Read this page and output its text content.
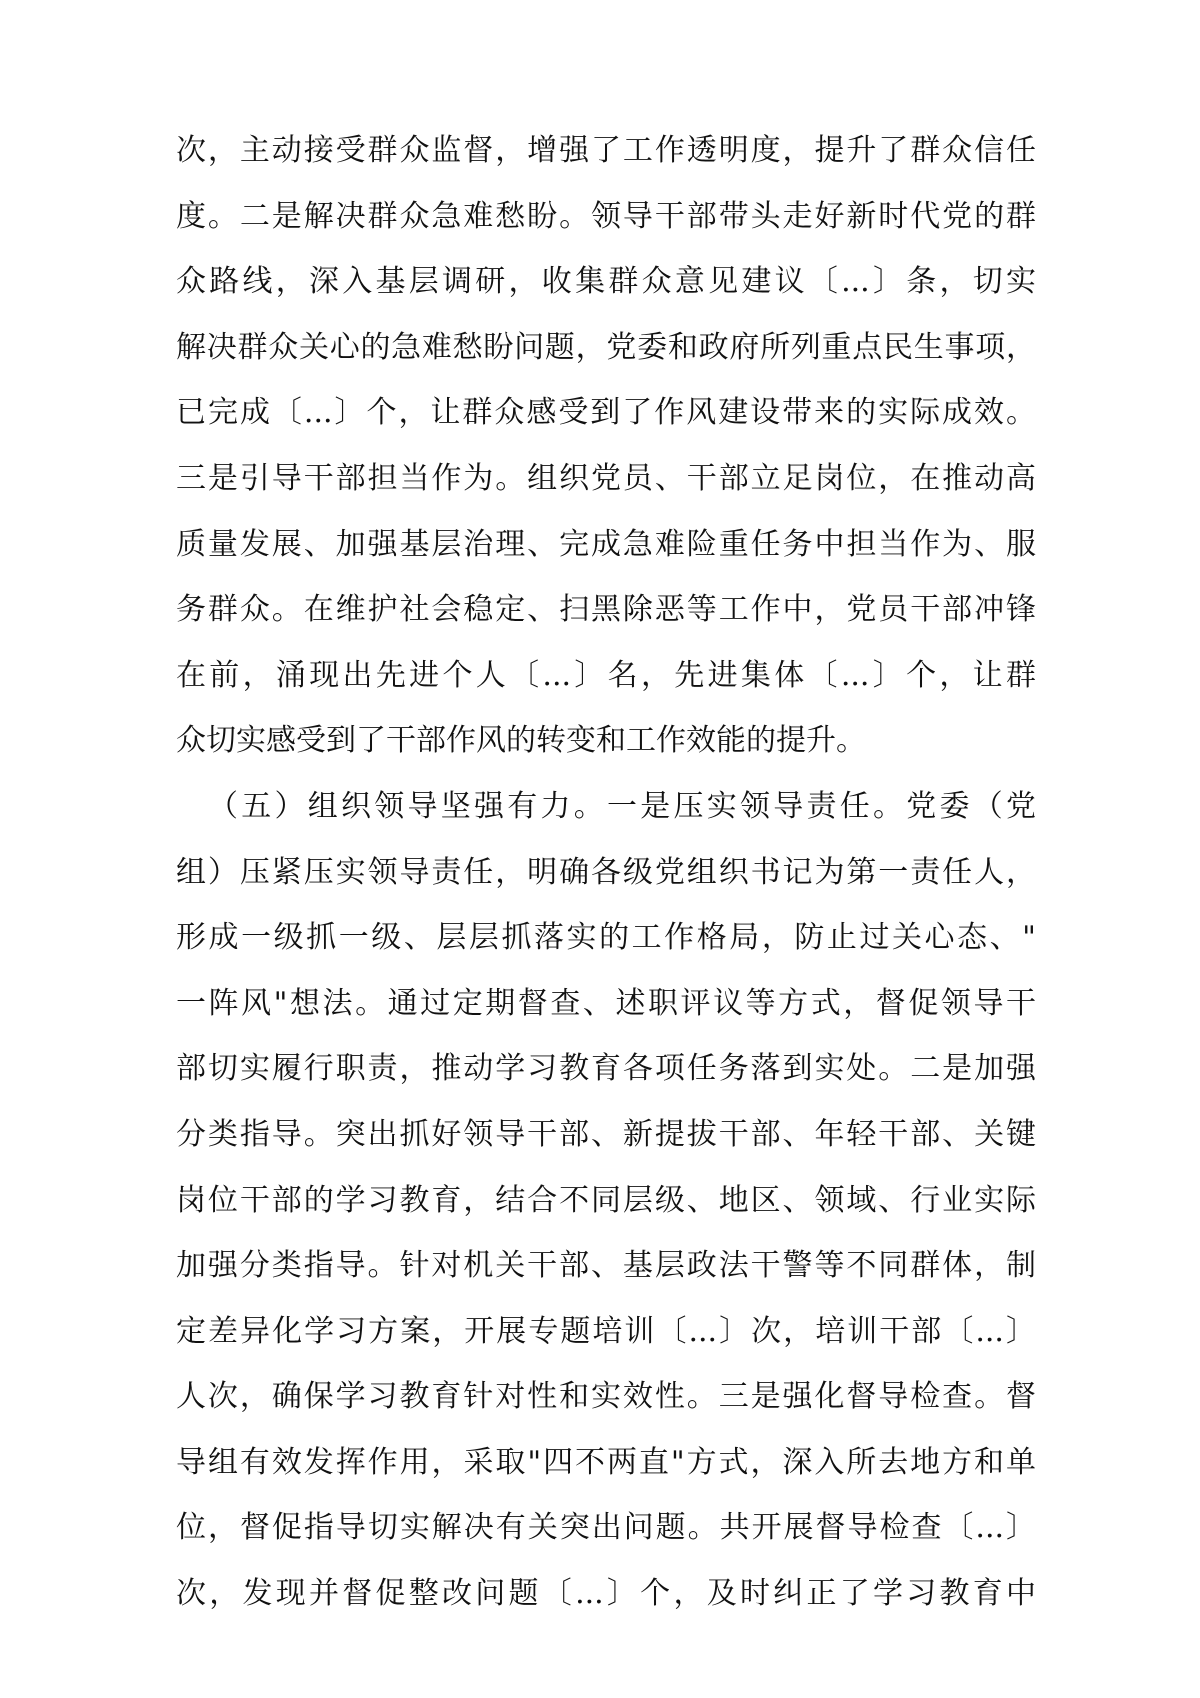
次，主动接受群众监督，增强了工作透明度，提升了群众信任
度。二是解决群众急难愁盼。领导干部带头走好新时代党的群
众路线，深入基层调研，收集群众意见建议〔...〕条，切实
解决群众关心的急难愁盼问题，党委和政府所列重点民生事项，
已完成〔...〕个，让群众感受到了作风建设带来的实际成效。
三是引导干部担当作为。组织党员、干部立足岗位，在推动高
质量发展、加强基层治理、完成急难险重任务中担当作为、服
务群众。在维护社会稳定、扫黑除恶等工作中，党员干部冲锋
在前，涌现出先进个人〔...〕名，先进集体〔...〕个，让群
众切实感受到了干部作风的转变和工作效能的提升。
（五）组织领导坚强有力。一是压实领导责任。党委（党
组）压紧压实领导责任，明确各级党组织书记为第一责任人，
形成一级抓一级、层层抓落实的工作格局，防止过关心态、"
一阵风"想法。通过定期督查、述职评议等方式，督促领导干
部切实履行职责，推动学习教育各项任务落到实处。二是加强
分类指导。突出抓好领导干部、新提拔干部、年轻干部、关键
岗位干部的学习教育，结合不同层级、地区、领域、行业实际
加强分类指导。针对机关干部、基层政法干警等不同群体，制
定差异化学习方案，开展专题培训〔...〕次，培训干部〔...〕
人次，确保学习教育针对性和实效性。三是强化督导检查。督
导组有效发挥作用，采取"四不两直"方式，深入所去地方和单
位，督促指导切实解决有关突出问题。共开展督导检查〔...〕
次，发现并督促整改问题〔...〕个，及时纠正了学习教育中
